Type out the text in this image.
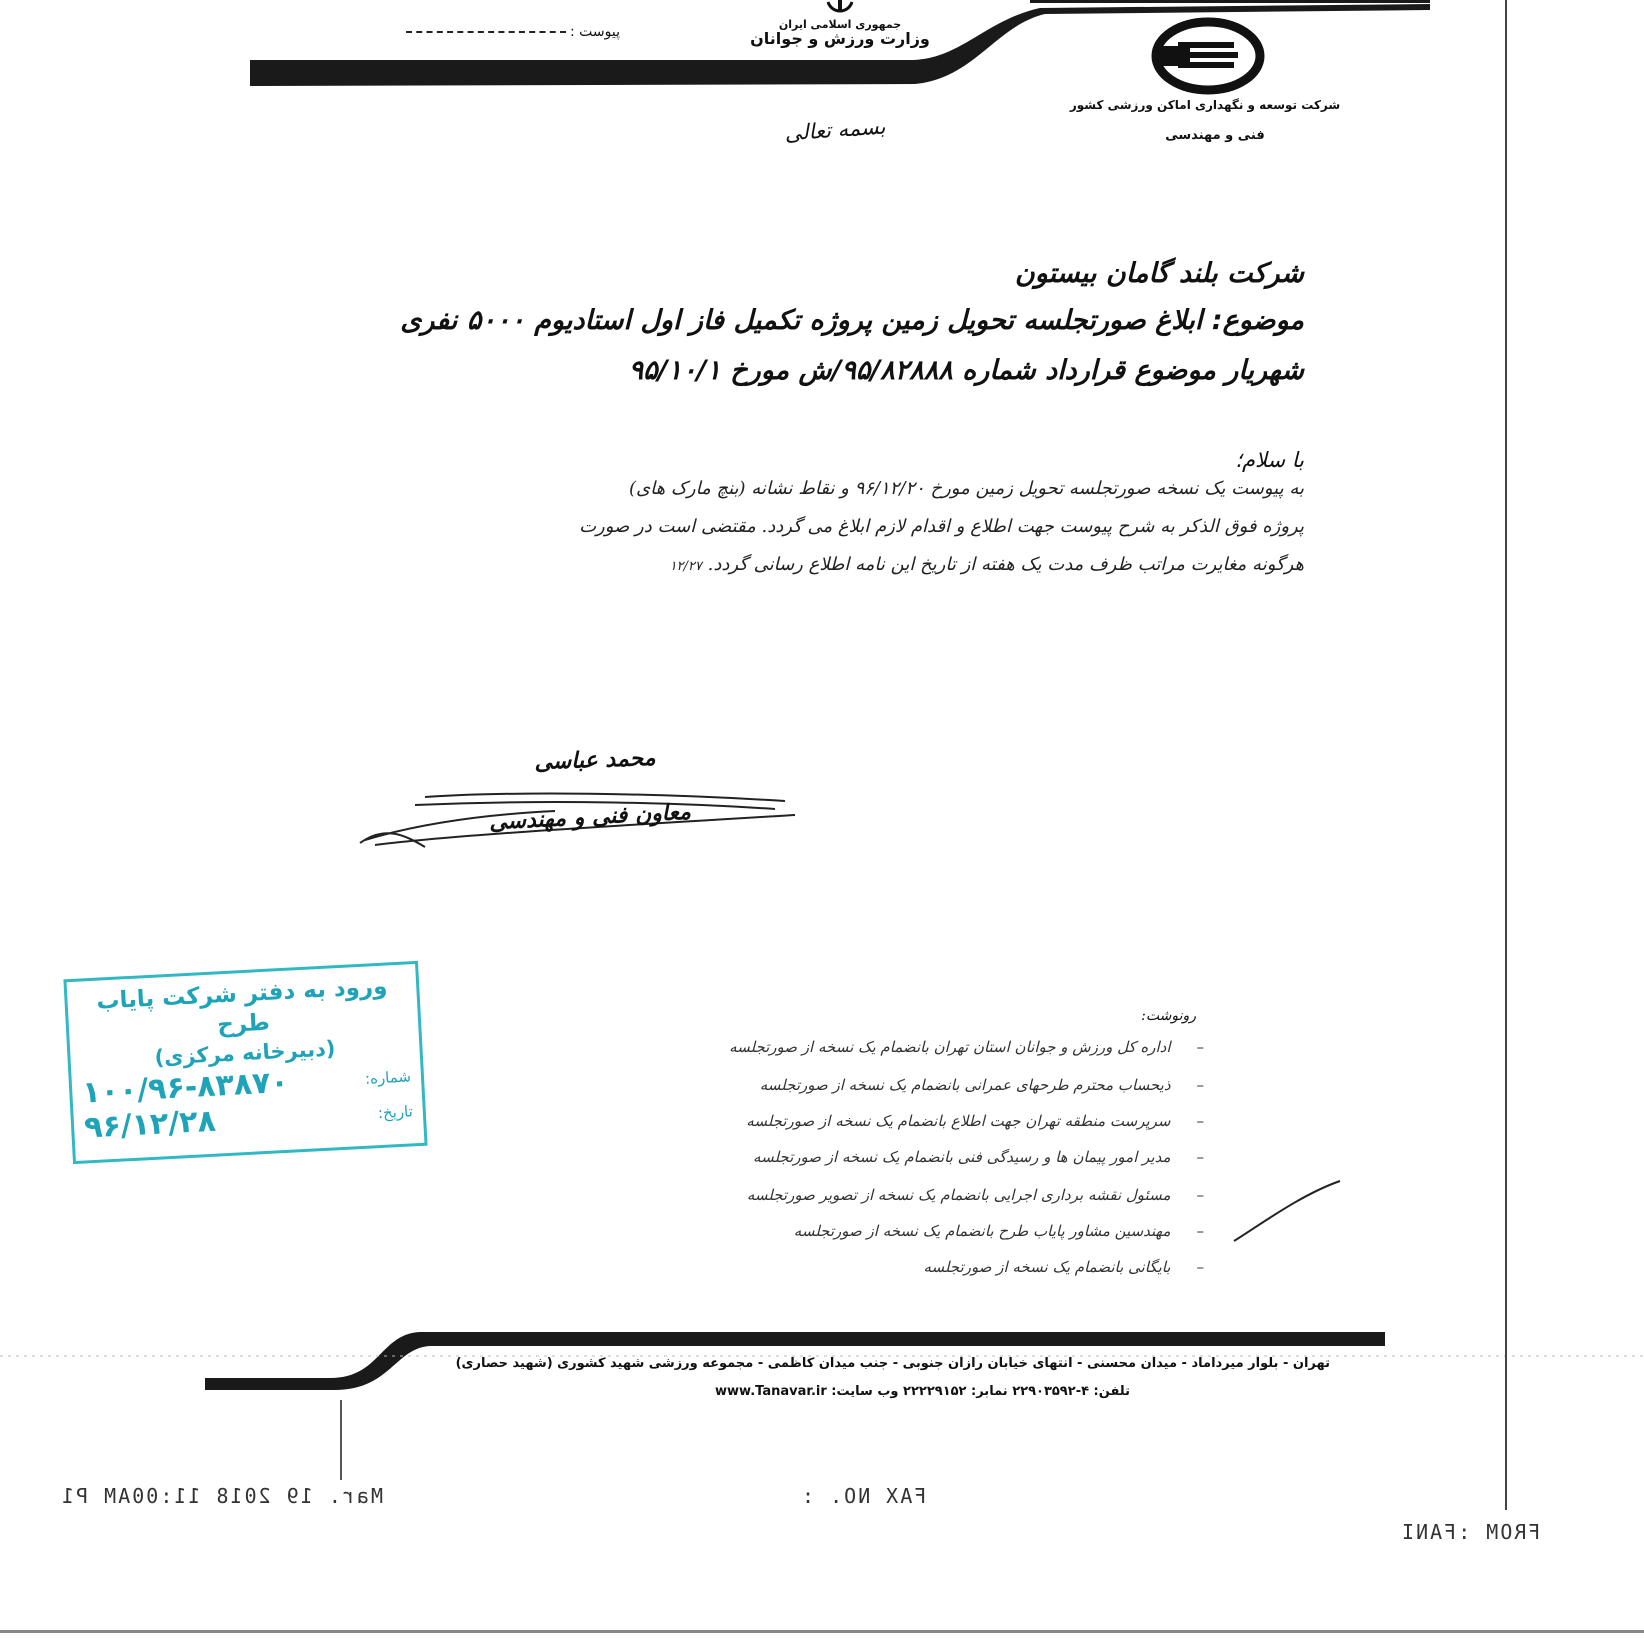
جمهوری اسلامی ایران
وزارت ورزش و جوانان
پیوست :
شرکت توسعه و نگهداری اماکن ورزشی کشور
فنی و مهندسی
بسمه تعالی
شرکت بلند گامان بیستون
موضوع: ابلاغ صورتجلسه تحویل زمین پروژه تکمیل فاز اول استادیوم ۵۰۰۰ نفری
شهریار موضوع قرارداد شماره ۹۵/۸۲۸۸۸/ش مورخ ۹۵/۱۰/۱
با سلام؛
به پیوست یک نسخه صورتجلسه تحویل زمین مورخ ۹۶/۱۲/۲۰ و نقاط نشانه (بنچ مارک های)
پروژه فوق الذکر به شرح پیوست جهت اطلاع و اقدام لازم ابلاغ می گردد. مقتضی است در صورت
هرگونه مغایرت مراتب ظرف مدت یک هفته از تاریخ این نامه اطلاع رسانی گردد. ۱۲/۲۷
محمد عباسی
معاون فنی و مهندسی
رونوشت:
–اداره کل ورزش و جوانان استان تهران بانضمام یک نسخه از صورتجلسه
–ذیحساب محترم طرحهای عمرانی بانضمام یک نسخه از صورتجلسه
–سرپرست منطقه تهران جهت اطلاع بانضمام یک نسخه از صورتجلسه
–مدیر امور پیمان ها و رسیدگی فنی بانضمام یک نسخه از صورتجلسه
–مسئول نقشه برداری اجرایی بانضمام یک نسخه از تصویر صورتجلسه
–مهندسین مشاور پایاب طرح بانضمام یک نسخه از صورتجلسه
–بایگانی بانضمام یک نسخه از صورتجلسه
ورود به دفتر شرکت پایاب طرح
(دبیرخانه مرکزی)
شماره:
۱۰۰/۹۶-۸۳۸۷۰
تاریخ:
۹۶/۱۲/۲۸
تهران - بلوار میرداماد - میدان محسنی - انتهای خیابان رازان جنوبی - جنب میدان کاظمی - مجموعه ورزشی شهید کشوری (شهید حصاری)
تلفن: ۴-۲۲۹۰۳۵۹۲ نمابر: ۲۲۲۲۹۱۵۲ وب سایت: www.Tanavar.ir
Mar. 19 2018 11:00AM P1	FAX NO. :
FROM :FANI
